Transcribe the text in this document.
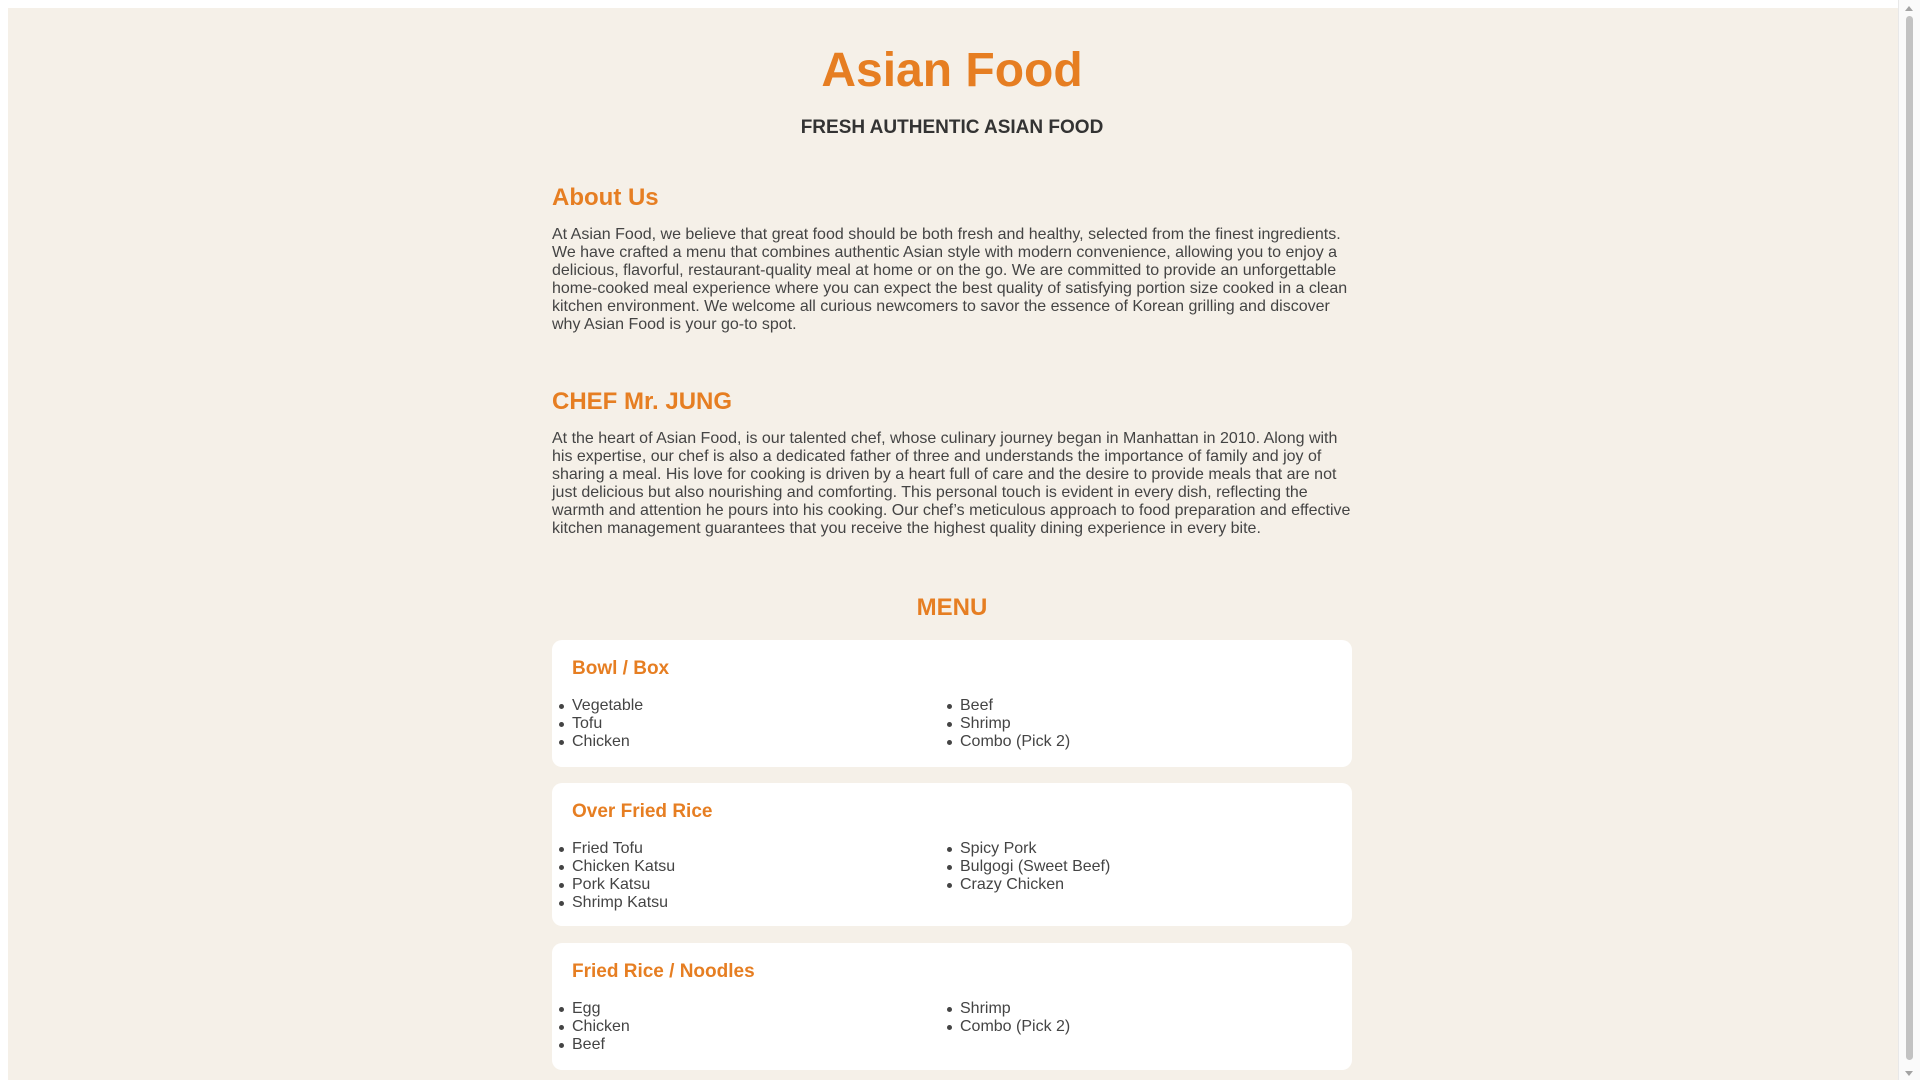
Asian Food
FRESH AUTHENTIC ASIAN FOOD
About Us

At Asian Food, we believe that great food should be both fresh and healthy, selected from the finest ingredients. We have crafted a menu that combines authentic Asian style with modern convenience, allowing you to enjoy a delicious, flavorful, restaurant-quality meal at home or on the go. We are committed to provide an unforgettable home-cooked meal experience where you can expect the best quality of satisfying portion size cooked in a clean kitchen environment. We welcome all curious newcomers to savor the essence of Korean grilling and discover why Asian Food is your go-to spot.

CHEF Mr. JUNG

At the heart of Asian Food, is our talented chef, whose culinary journey began in Manhattan in 2010. Along with his expertise, our chef is also a dedicated father of three and understands the importance of family and joy of sharing a meal. His love for cooking is driven by a heart full of care and the desire to provide meals that are not just delicious but also nourishing and comforting. This personal touch is evident in every dish, reflecting the warmth and attention he pours into his cooking. Our chef’s meticulous approach to food preparation and effective kitchen management guarantees that you receive the highest quality dining experience in every bite.

MENU
Bowl / Box
Vegetable
Tofu
Chicken
Beef
Shrimp
Combo (Pick 2)
Over Fried Rice
Fried Tofu
Chicken Katsu
Pork Katsu
Shrimp Katsu
Spicy Pork
Bulgogi (Sweet Beef)
Crazy Chicken
Fried Rice / Noodles
Egg
Chicken
Beef
Shrimp
Combo (Pick 2)
